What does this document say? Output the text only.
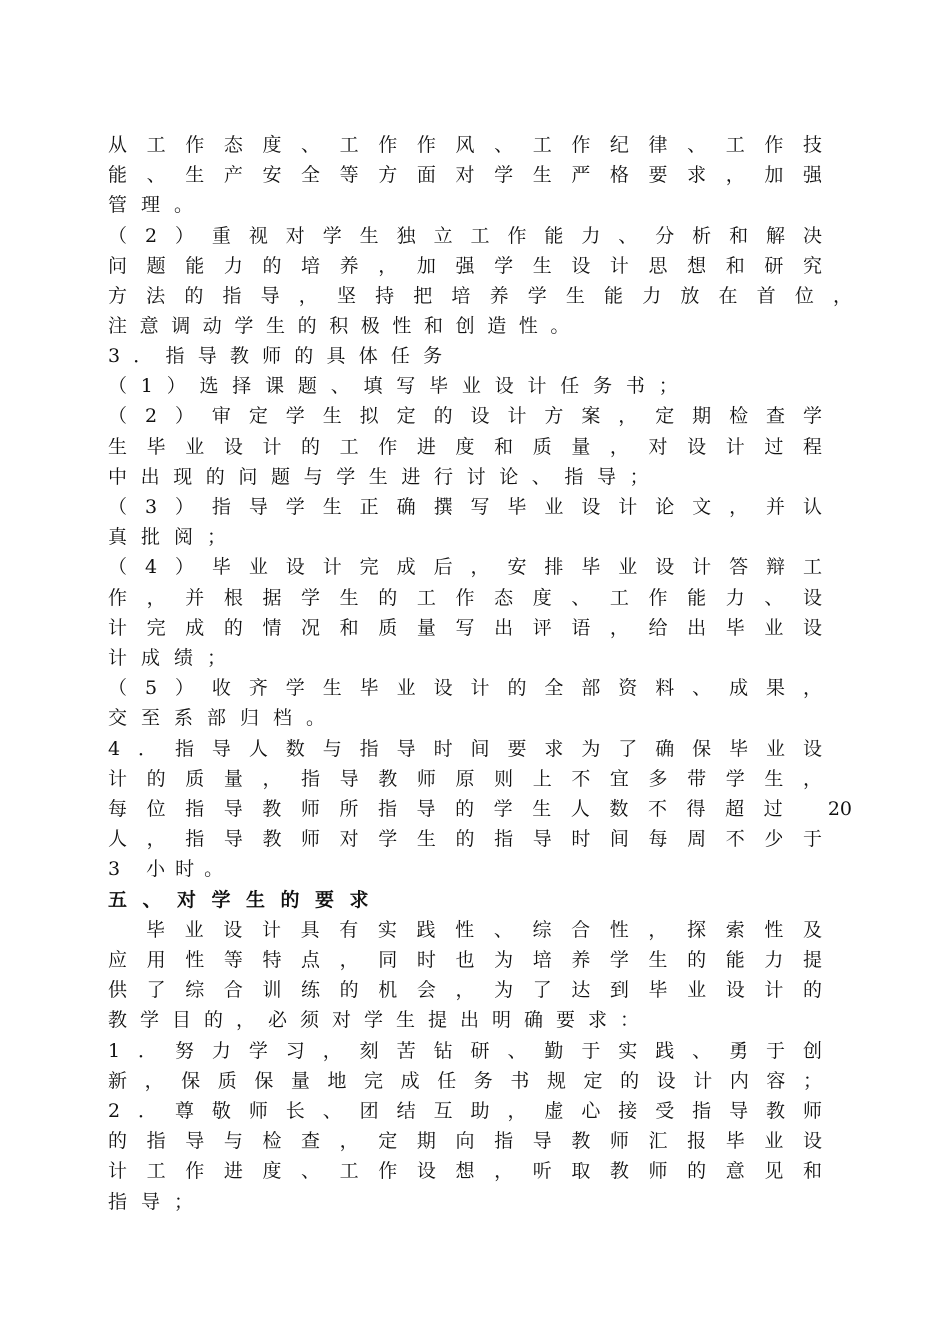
从工作态度、工作作风、工作纪律、工作技
能、生产安全等方面对学生严格要求，加强
管理。
（2）重视对学生独立工作能力、分析和解决
问题能力的培养，加强学生设计思想和研究
方法的指导，坚持把培养学生能力放在首位，
注意调动学生的积极性和创造性。
3．指导教师的具体任务
（1）选择课题、填写毕业设计任务书；
（2）审定学生拟定的设计方案，定期检查学
生毕业设计的工作进度和质量，对设计过程
中出现的问题与学生进行讨论、指导；
（3）指导学生正确撰写毕业设计论文，并认
真批阅；
（4）毕业设计完成后，安排毕业设计答辩工
作，并根据学生的工作态度、工作能力、设
计完成的情况和质量写出评语，给出毕业设
计成绩；
（5）收齐学生毕业设计的全部资料、成果，
交至系部归档。
4．指导人数与指导时间要求为了确保毕业设
计的质量，指导教师原则上不宜多带学生，
每位指导教师所指导的学生人数不得超过 20
人，指导教师对学生的指导时间每周不少于
3 小时。
五、对学生的要求
毕业设计具有实践性、综合性，探索性及
应用性等特点，同时也为培养学生的能力提
供了综合训练的机会，为了达到毕业设计的
教学目的，必须对学生提出明确要求：
1．努力学习，刻苦钻研、勤于实践、勇于创
新，保质保量地完成任务书规定的设计内容；
2．尊敬师长、团结互助，虚心接受指导教师
的指导与检查，定期向指导教师汇报毕业设
计工作进度、工作设想，听取教师的意见和
指导；
